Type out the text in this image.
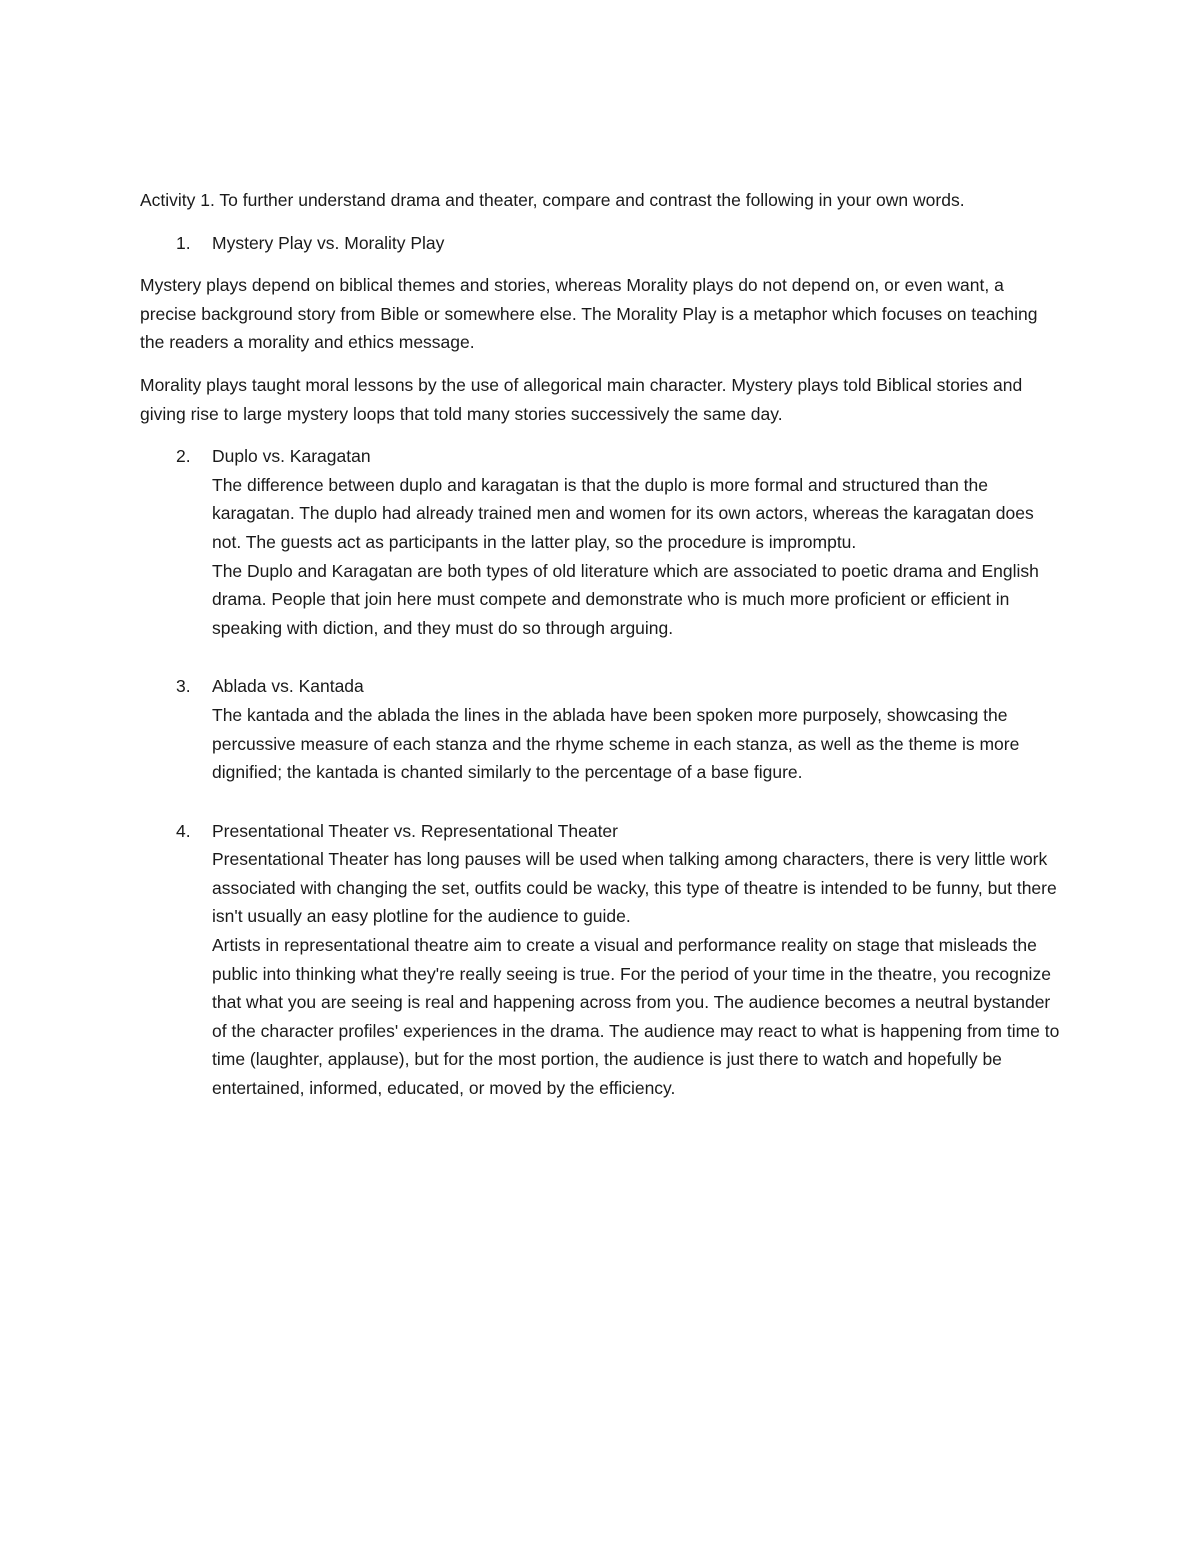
Activity 1. To further understand drama and theater, compare and contrast the following in your own words.

1. Mystery Play vs. Morality Play

Mystery plays depend on biblical themes and stories, whereas Morality plays do not depend on, or even want, a precise background story from Bible or somewhere else. The Morality Play is a metaphor which focuses on teaching the readers a morality and ethics message.

Morality plays taught moral lessons by the use of allegorical main character. Mystery plays told Biblical stories and giving rise to large mystery loops that told many stories successively the same day.

2. Duplo vs. Karagatan

The difference between duplo and karagatan is that the duplo is more formal and structured than the karagatan. The duplo had already trained men and women for its own actors, whereas the karagatan does not. The guests act as participants in the latter play, so the procedure is impromptu.

The Duplo and Karagatan are both types of old literature which are associated to poetic drama and English drama. People that join here must compete and demonstrate who is much more proficient or efficient in speaking with diction, and they must do so through arguing.

3. Ablada vs. Kantada

The kantada and the ablada the lines in the ablada have been spoken more purposely, showcasing the percussive measure of each stanza and the rhyme scheme in each stanza, as well as the theme is more dignified; the kantada is chanted similarly to the percentage of a base figure.

4. Presentational Theater vs. Representational Theater

Presentational Theater has long pauses will be used when talking among characters, there is very little work associated with changing the set, outfits could be wacky, this type of theatre is intended to be funny, but there isn't usually an easy plotline for the audience to guide.

Artists in representational theatre aim to create a visual and performance reality on stage that misleads the public into thinking what they're really seeing is true. For the period of your time in the theatre, you recognize that what you are seeing is real and happening across from you. The audience becomes a neutral bystander of the character profiles' experiences in the drama. The audience may react to what is happening from time to time (laughter, applause), but for the most portion, the audience is just there to watch and hopefully be entertained, informed, educated, or moved by the efficiency.
